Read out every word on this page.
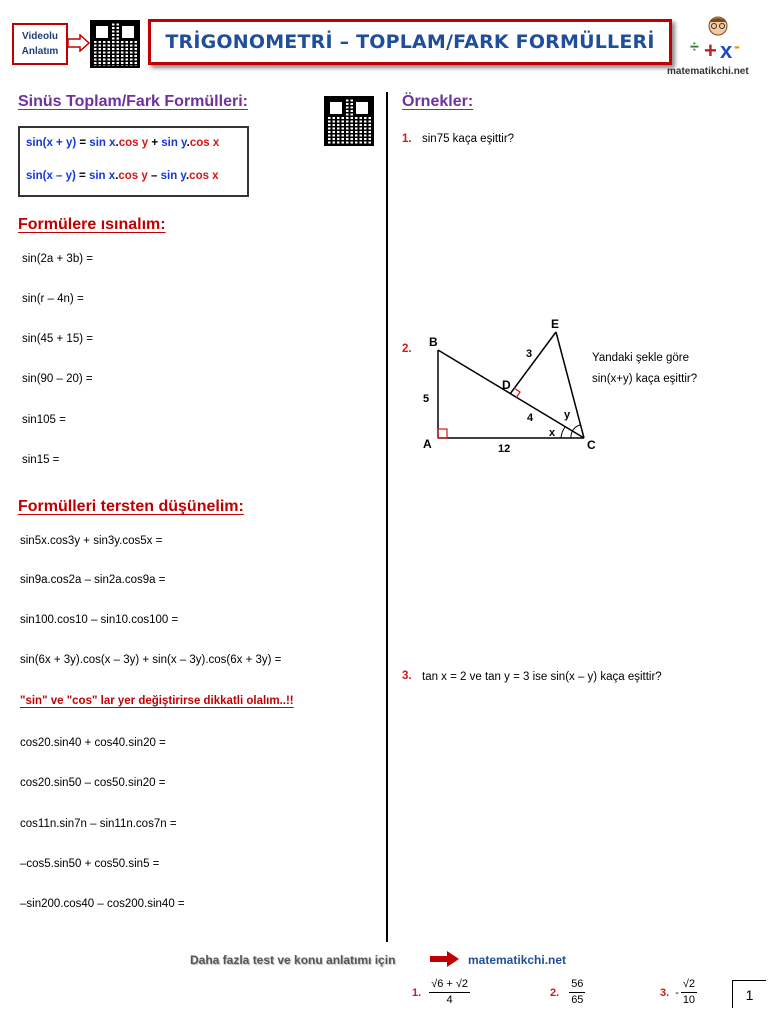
Videolu
Anlatım	TRİGONOMETRİ – TOPLAM/FARK FORMÜLLERİ ÷ + x -
matematikchi.net
Sinüs Toplam/Fark Formülleri:
sin(x + y) = sin x.cos y + sin y.cos x
sin(x – y) = sin x.cos y – sin y.cos x
Formülere ısınalım:
sin(2a + 3b) =
sin(r – 4n) =
sin(45 + 15) =
sin(90 – 20) =
sin105 =
sin15 =
Formülleri tersten düşünelim:
sin5x.cos3y + sin3y.cos5x =
sin9a.cos2a – sin2a.cos9a =
sin100.cos10 – sin10.cos100 =
sin(6x + 3y).cos(x – 3y) + sin(x – 3y).cos(6x + 3y) =
"sin" ve "cos" lar yer değiştirirse dikkatli olalım..!!
cos20.sin40 + cos40.sin20 =
cos20.sin50 – cos50.sin20 =
cos11n.sin7n – sin11n.cos7n =
–cos5.sin50 + cos50.sin5 =
–sin200.cos40 – cos200.sin40 =
Örnekler:
1. sin75 kaça eşittir?
2. B
A	C
D
E
5
12
3
4
x
y
Yandaki şekle göre
sin(x+y) kaça eşittir?
3. tan x = 2 ve tan y = 3 ise sin(x – y) kaça eşittir?
Daha fazla test ve konu anlatımı için	matematikchi.net
1. $\frac{√6 + √2}{4}$	2. $\frac{56}{65}$	3. - $\frac{√2}{10}$	1
